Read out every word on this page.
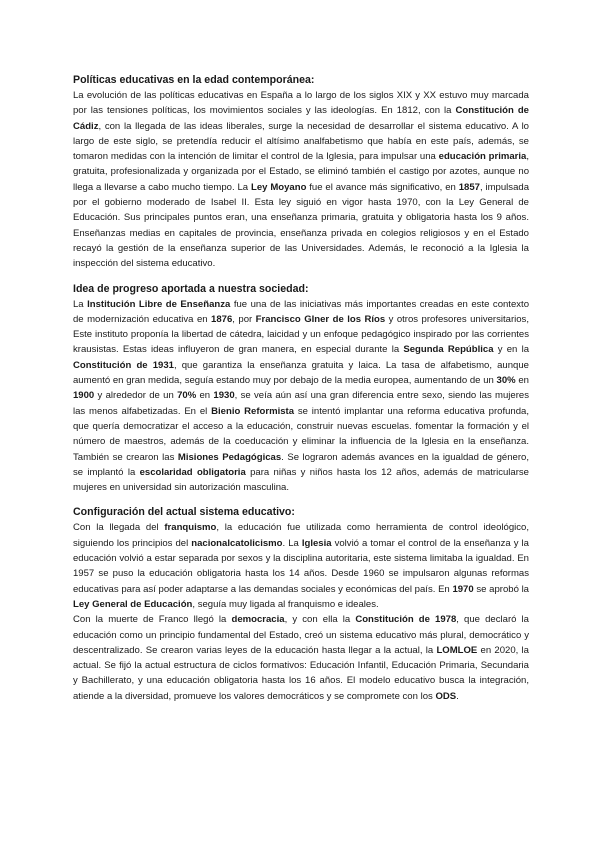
Políticas educativas en la edad contemporánea:

La evolución de las políticas educativas en España a lo largo de los siglos XIX y XX estuvo muy marcada por las tensiones políticas, los movimientos sociales y las ideologías. En 1812, con la Constitución de Cádiz, con la llegada de las ideas liberales, surge la necesidad de desarrollar el sistema educativo. A lo largo de este siglo, se pretendía reducir el altísimo analfabetismo que había en este país, además, se tomaron medidas con la intención de limitar el control de la Iglesia, para impulsar una educación primaria, gratuita, profesionalizada y organizada por el Estado, se eliminó también el castigo por azotes, aunque no llega a llevarse a cabo mucho tiempo. La Ley Moyano fue el avance más significativo, en 1857, impulsada por el gobierno moderado de Isabel II. Esta ley siguió en vigor hasta 1970, con la Ley General de Educación. Sus principales puntos eran, una enseñanza primaria, gratuita y obligatoria hasta los 9 años. Enseñanzas medias en capitales de provincia, enseñanza privada en colegios religiosos y en el Estado recayó la gestión de la enseñanza superior de las Universidades. Además, le reconoció a la Iglesia la inspección del sistema educativo.

Idea de progreso aportada a nuestra sociedad:

La Institución Libre de Enseñanza fue una de las iniciativas más importantes creadas en este contexto de modernización educativa en 1876, por Francisco GIner de los Ríos y otros profesores universitarios, Este instituto proponía la libertad de cátedra, laicidad y un enfoque pedagógico inspirado por las corrientes krausistas. Estas ideas influyeron de gran manera, en especial durante la Segunda República y en la Constitución de 1931, que garantiza la enseñanza gratuita y laica. La tasa de alfabetismo, aunque aumentó en gran medida, seguía estando muy por debajo de la media europea, aumentando de un 30% en 1900 y alrededor de un 70% en 1930, se veía aún así una gran diferencia entre sexo, siendo las mujeres las menos alfabetizadas. En el Bienio Reformista se intentó implantar una reforma educativa profunda, que quería democratizar el acceso a la educación, construir nuevas escuelas. fomentar la formación y el número de maestros, además de la coeducación y eliminar la influencia de la Iglesia en la enseñanza. También se crearon las Misiones Pedagógicas. Se lograron además avances en la igualdad de género, se implantó la escolaridad obligatoria para niñas y niños hasta los 12 años, además de matricularse mujeres en universidad sin autorización masculina.

Configuración del actual sistema educativo:

Con la llegada del franquismo, la educación fue utilizada como herramienta de control ideológico, siguiendo los principios del nacionalcatolicismo. La Iglesia volvió a tomar el control de la enseñanza y la educación volvió a estar separada por sexos y la disciplina autoritaria, este sistema limitaba la igualdad. En 1957 se puso la educación obligatoria hasta los 14 años. Desde 1960 se impulsaron algunas reformas educativas para así poder adaptarse a las demandas sociales y económicas del país. En 1970 se aprobó la Ley General de Educación, seguía muy ligada al franquismo e ideales.

Con la muerte de Franco llegó la democracia, y con ella la Constitución de 1978, que declaró la educación como un principio fundamental del Estado, creó un sistema educativo más plural, democrático y descentralizado. Se crearon varias leyes de la educación hasta llegar a la actual, la LOMLOE en 2020, la actual. Se fijó la actual estructura de ciclos formativos: Educación Infantil, Educación Primaria, Secundaria y Bachillerato, y una educación obligatoria hasta los 16 años. El modelo educativo busca la integración, atiende a la diversidad, promueve los valores democráticos y se compromete con los ODS.
